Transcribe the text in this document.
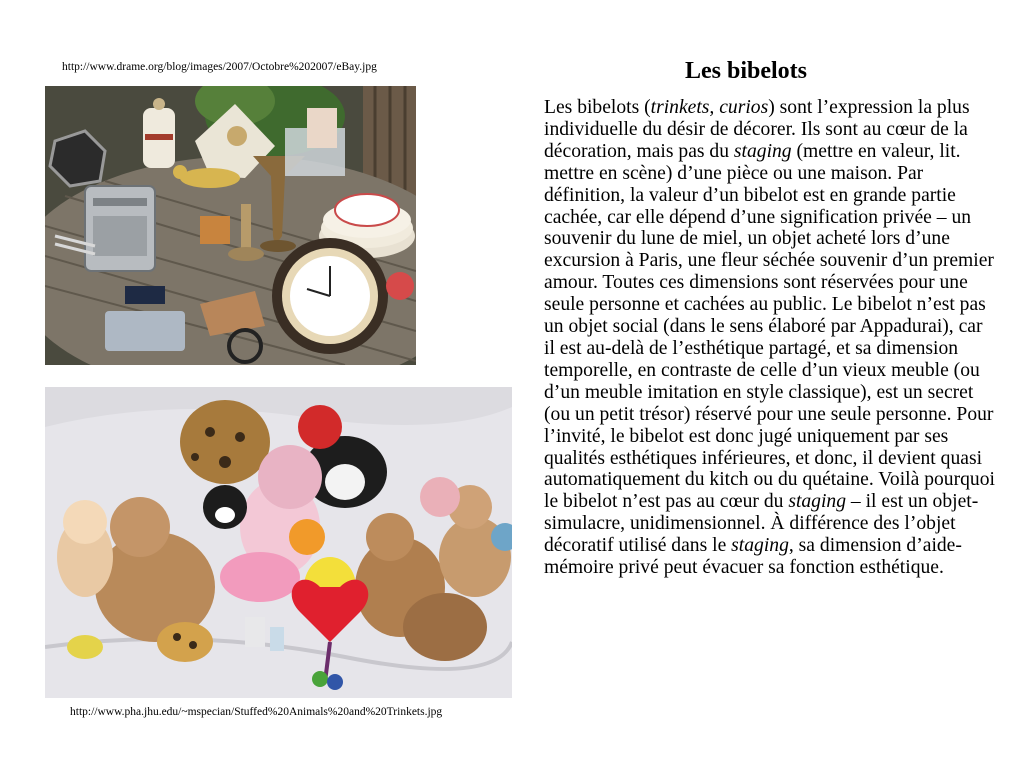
http://www.drame.org/blog/images/2007/Octobre%202007/eBay.jpg
http://www.pha.jhu.edu/~mspecian/Stuffed%20Animals%20and%20Trinkets.jpg
Les bibelots

Les bibelots (trinkets, curios) sont l’expression la plus individuelle du désir de décorer. Ils sont au cœur de la décoration, mais pas du staging (mettre en valeur, lit. mettre en scène) d’une pièce ou une maison. Par définition, la valeur d’un bibelot est en grande partie cachée, car elle dépend d’une signification privée – un souvenir du lune de miel, un objet acheté lors d’une excursion à Paris, une fleur séchée souvenir d’un premier amour. Toutes ces dimensions sont réservées pour une seule personne et cachées au public. Le bibelot n’est pas un objet social (dans le sens élaboré par Appadurai), car il est au-delà de l’esthétique partagé, et sa dimension temporelle, en contraste de celle d’un vieux meuble (ou d’un meuble imitation en style classique), est un secret (ou un petit trésor) réservé pour une seule personne. Pour l’invité, le bibelot est donc jugé uniquement par ses qualités esthétiques inférieures, et donc, il devient quasi automatiquement du kitch ou du quétaine. Voilà pourquoi le bibelot n’est pas au cœur du staging – il est un objet-simulacre, unidimensionnel. À différence des l’objet décoratif utilisé dans le staging, sa dimension d’aide-mémoire privé peut évacuer sa fonction esthétique.
